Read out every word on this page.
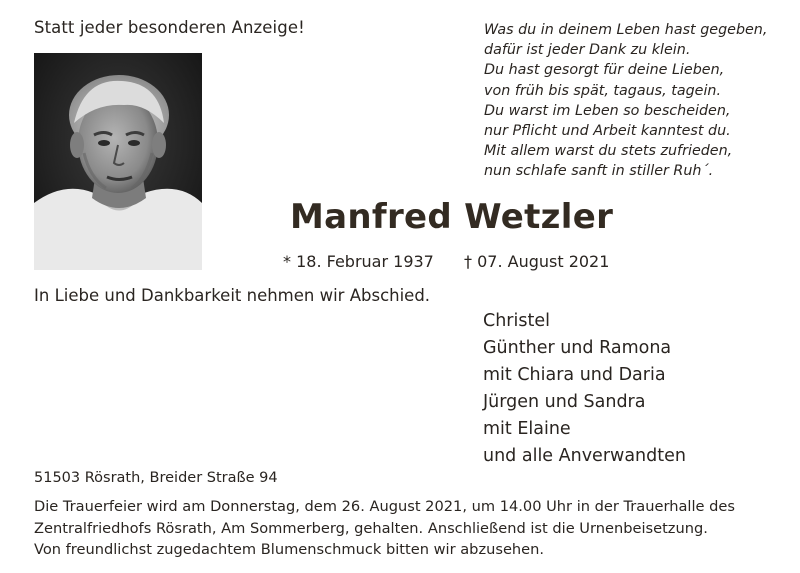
Statt jeder besonderen Anzeige!	Was du in deinem Leben hast gegeben,
dafür ist jeder Dank zu klein.
Du hast gesorgt für deine Lieben,
von früh bis spät, tagaus, tagein.
Du warst im Leben so bescheiden,
nur Pflicht und Arbeit kanntest du.
Mit allem warst du stets zufrieden,
nun schlafe sanft in stiller Ruh´.
Manfred Wetzler
* 18. Februar 1937 † 07. August 2021
In Liebe und Dankbarkeit nehmen wir Abschied.
Christel
Günther und Ramona
mit Chiara und Daria
Jürgen und Sandra
mit Elaine
und alle Anverwandten
51503 Rösrath, Breider Straße 94
Die Trauerfeier wird am Donnerstag, dem 26. August 2021, um 14.00 Uhr in der Trauerhalle des
Zentralfriedhofs Rösrath, Am Sommerberg, gehalten. Anschließend ist die Urnenbeisetzung.
Von freundlichst zugedachtem Blumenschmuck bitten wir abzusehen.
